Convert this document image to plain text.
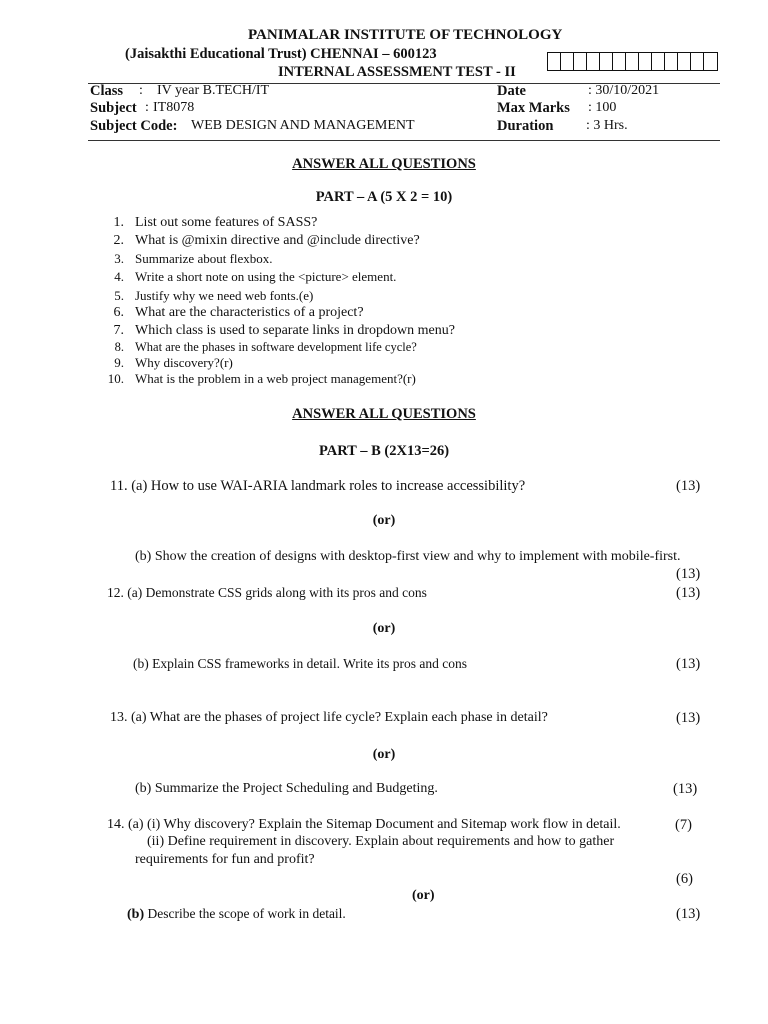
PANIMALAR INSTITUTE OF TECHNOLOGY
(Jaisakthi Educational Trust) CHENNAI – 600123
INTERNAL ASSESSMENT TEST - II
Class : IV year B.TECH/IT
Subject : IT8078
Subject Code: WEB DESIGN AND MANAGEMENT
Date	: 30/10/2021
Max Marks : 100
Duration : 3 Hrs.
ANSWER ALL QUESTIONS
PART – A (5 X 2 = 10)
1. List out some features of SASS?
2. What is @mixin directive and @include directive?
3. Summarize about flexbox.
4. Write a short note on using the <picture> element.
5. Justify why we need web fonts.(e)
6. What are the characteristics of a project?
7. Which class is used to separate links in dropdown menu?
8. What are the phases in software development life cycle?
9. Why discovery?(r)
10. What is the problem in a web project management?(r)
ANSWER ALL QUESTIONS
PART – B (2X13=26)
11. (a) How to use WAI-ARIA landmark roles to increase accessibility?	(13)
(or)
(b) Show the creation of designs with desktop-first view and why to implement with mobile-first.
(13)
12. (a) Demonstrate CSS grids along with its pros and cons	(13)
(or)
(b) Explain CSS frameworks in detail. Write its pros and cons	(13)
13. (a) What are the phases of project life cycle? Explain each phase in detail?	(13)
(or)
(b) Summarize the Project Scheduling and Budgeting.	(13)
14. (a) (i) Why discovery? Explain the Sitemap Document and Sitemap work flow in detail.	(7)
(ii) Define requirement in discovery. Explain about requirements and how to gather
requirements for fun and profit?
(6)
(or)
(b) Describe the scope of work in detail.	(13)
